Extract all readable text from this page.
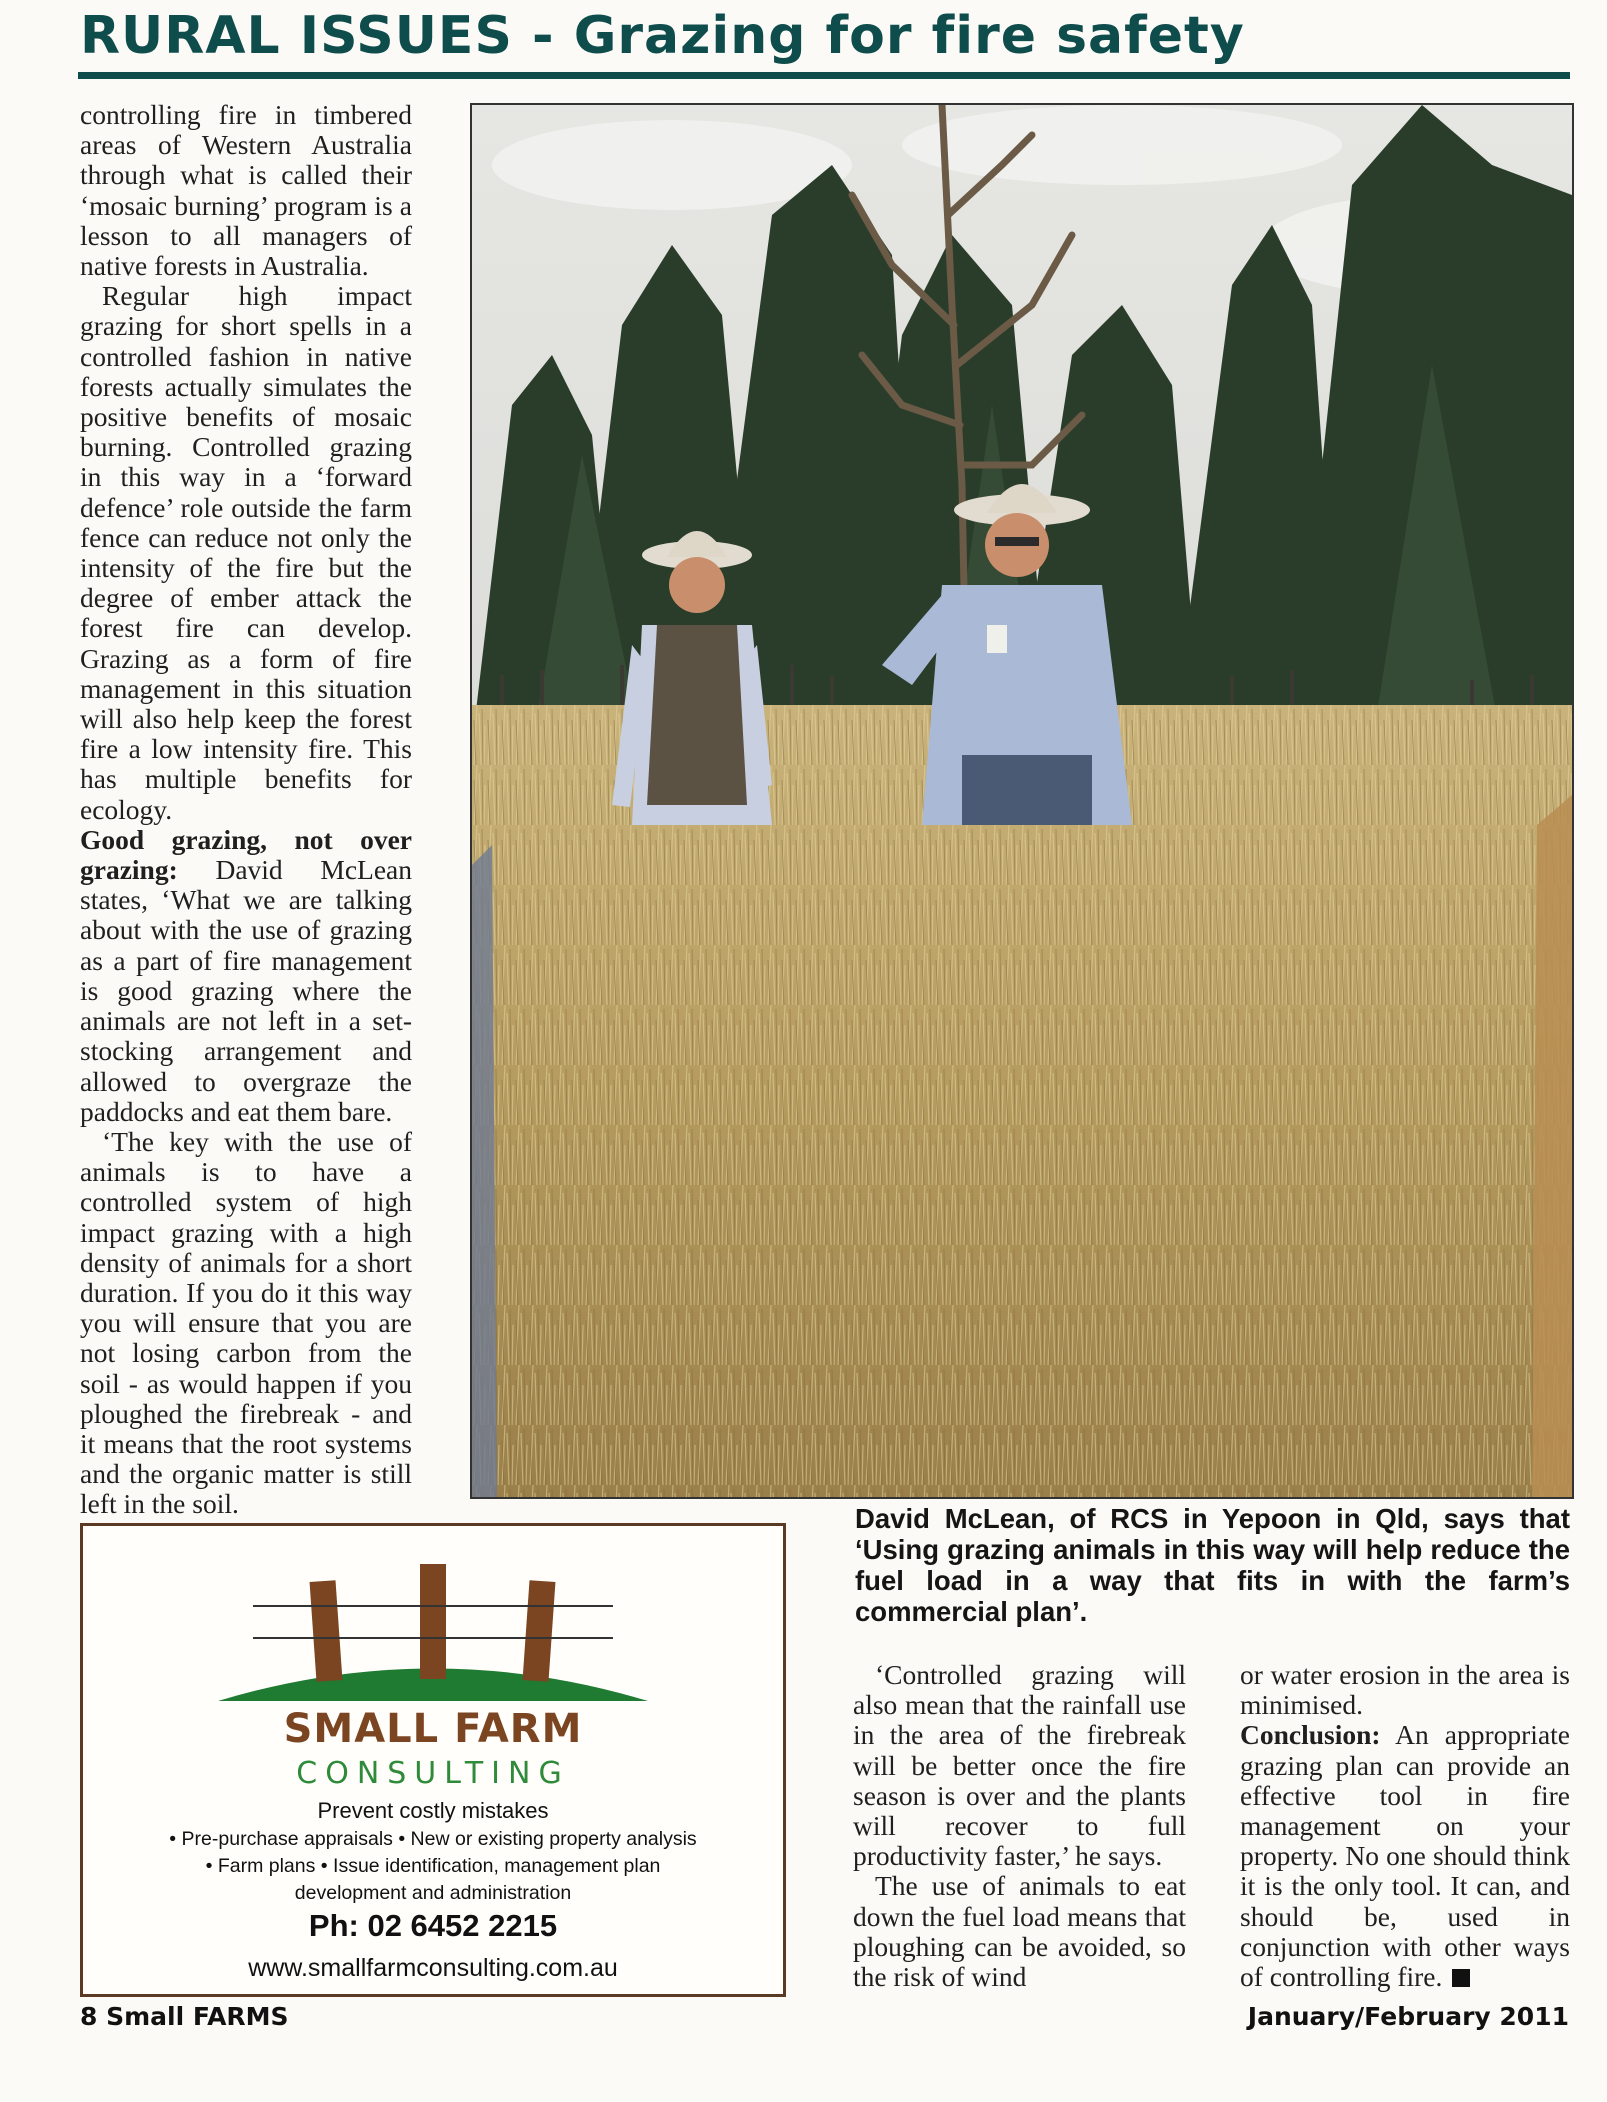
RURAL ISSUES - Grazing for fire safety

controlling fire in timbered areas of Western Australia through what is called their ‘mosaic burning’ program is a lesson to all managers of native forests in Australia.

Regular high impact grazing for short spells in a controlled fashion in native forests actually simulates the positive benefits of mosaic burning. Controlled grazing in this way in a ‘forward defence’ role outside the farm fence can reduce not only the intensity of the fire but the degree of ember attack the forest fire can develop. Grazing as a form of fire management in this situation will also help keep the forest fire a low intensity fire. This has multiple benefits for ecology.

Good grazing, not over grazing: David McLean states, ‘What we are talking about with the use of grazing as a part of fire management is good grazing where the animals are not left in a set-stocking arrangement and allowed to overgraze the paddocks and eat them bare.

‘The key with the use of animals is to have a controlled system of high impact grazing with a high density of animals for a short duration. If you do it this way you will ensure that you are not losing carbon from the soil - as would happen if you ploughed the firebreak - and it means that the root systems and the organic matter is still left in the soil.	David McLean, of RCS in Yepoon in Qld, says that ‘Using grazing animals in this way will help reduce the fuel load in a way that fits in with the farm’s commercial plan’.
SMALL FARM
CONSULTING
Prevent costly mistakes
• Pre-purchase appraisals • New or existing property analysis
• Farm plans • Issue identification, management plan
development and administration
Ph: 02 6452 2215
www.smallfarmconsulting.com.au

‘Controlled grazing will also mean that the rainfall use in the area of the firebreak will be better once the fire season is over and the plants will recover to full productivity faster,’ he says.

The use of animals to eat down the fuel load means that ploughing can be avoided, so the risk of wind

or water erosion in the area is minimised.

Conclusion: An appropriate grazing plan can provide an effective tool in fire management on your property. No one should think it is the only tool. It can, and should be, used in conjunction with other ways of controlling fire.

8 Small FARMS	January/February 2011
